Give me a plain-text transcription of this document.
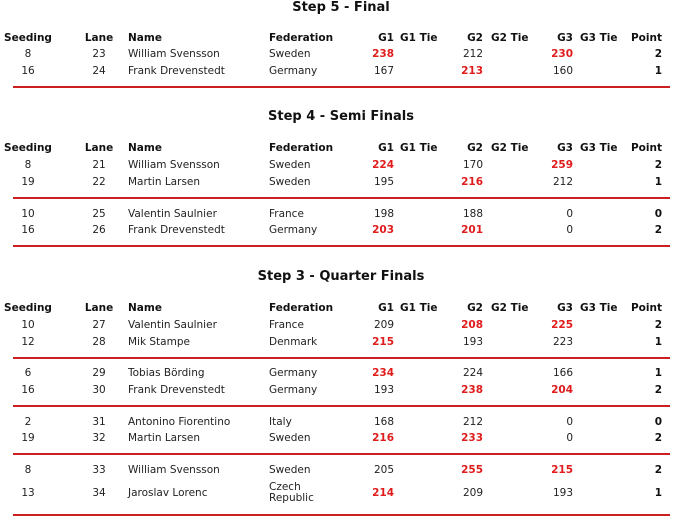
Step 5 - Final
Seeding	Lane	Name	Federation	G1 G1 Tie	G2 G2 Tie	G3 G3 Tie	Point
8	23	William Svensson	Sweden	238	212	230	2
16	24	Frank Drevenstedt	Germany	167	213	160	1
Step 4 - Semi Finals
Seeding	Lane	Name	Federation	G1 G1 Tie	G2 G2 Tie	G3 G3 Tie	Point
8	21	William Svensson	Sweden	224	170	259	2
19	22	Martin Larsen	Sweden	195	216	212	1
10	25	Valentin Saulnier	France	198	188	0	0
16	26	Frank Drevenstedt	Germany	203	201	0	2
Step 3 - Quarter Finals
Seeding	Lane	Name	Federation	G1 G1 Tie	G2 G2 Tie	G3 G3 Tie	Point
10	27	Valentin Saulnier	France	209	208	225	2
12	28	Mik Stampe	Denmark	215	193	223	1
6	29	Tobias Börding	Germany	234	224	166	1
16	30	Frank Drevenstedt	Germany	193	238	204	2
2	31	Antonino Fiorentino	Italy	168	212	0	0
19	32	Martin Larsen	Sweden	216	233	0	2
8	33	William Svensson	Sweden	205	255	215	2
13	34	Jaroslav Lorenc	Czech
Republic	214	209	193	1
